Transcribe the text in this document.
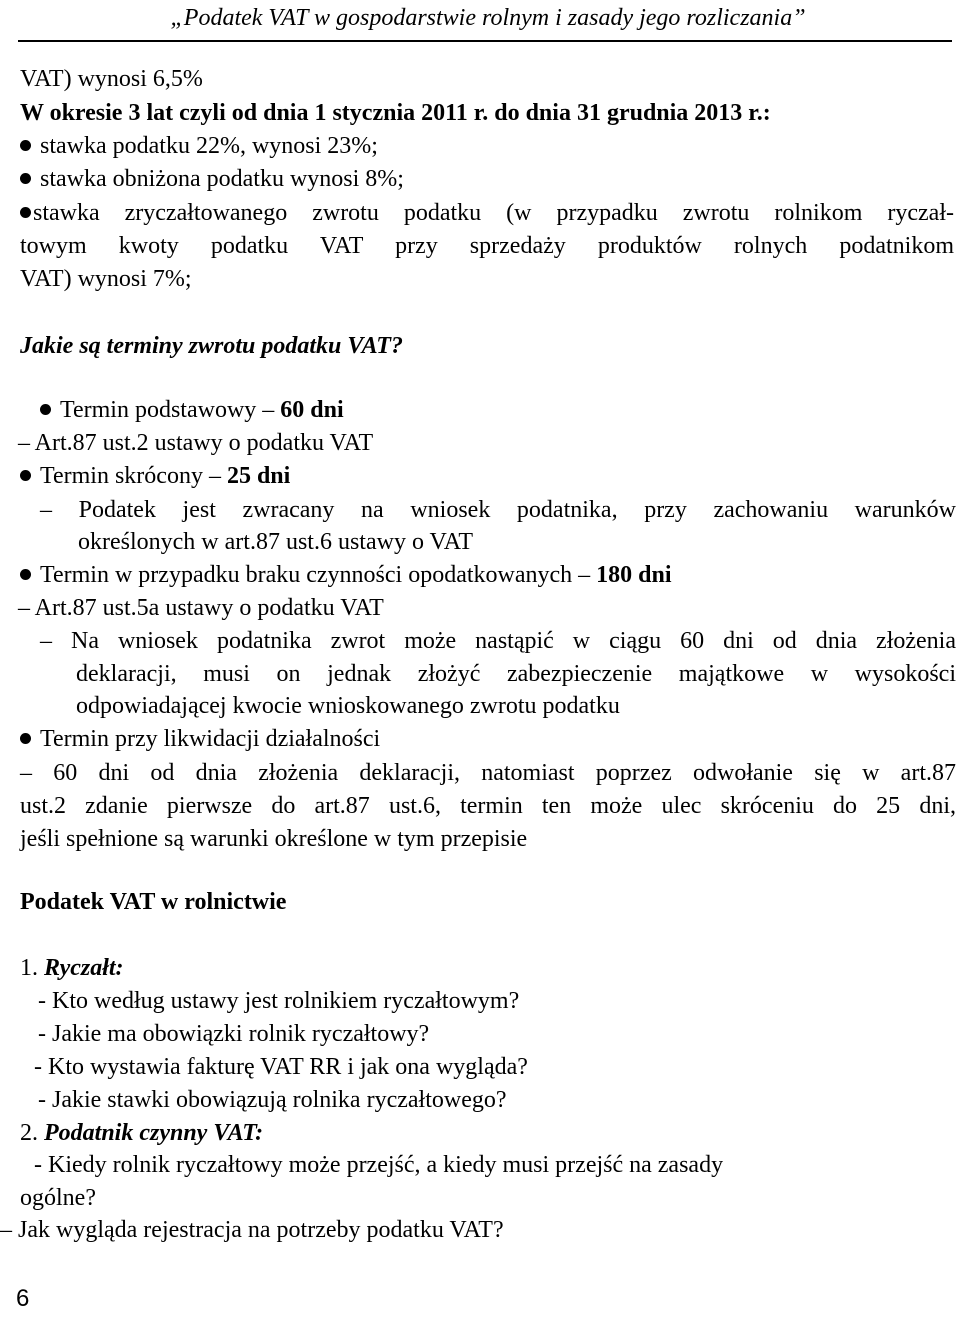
„Podatek VAT w gospodarstwie rolnym i zasady jego rozliczania”
VAT) wynosi 6,5%
W okresie 3 lat czyli od dnia 1 stycznia 2011 r. do dnia 31 grudnia 2013 r.:
stawka podatku 22%, wynosi 23%;
stawka obniżona podatku wynosi 8%;
stawka zryczałtowanego zwrotu podatku (w przypadku zwrotu rolnikom ryczał-
towym kwoty podatku VAT przy sprzedaży produktów rolnych podatnikom
VAT) wynosi 7%;
Jakie są terminy zwrotu podatku VAT?
Termin podstawowy – 60 dni
– Art.87 ust.2 ustawy o podatku VAT
Termin skrócony – 25 dni
– Podatek jest zwracany na wniosek podatnika, przy zachowaniu warunków
określonych w art.87 ust.6 ustawy o VAT
Termin w przypadku braku czynności opodatkowanych – 180 dni
– Art.87 ust.5a ustawy o podatku VAT
– Na wniosek podatnika zwrot może nastąpić w ciągu 60 dni od dnia złożenia
deklaracji, musi on jednak złożyć zabezpieczenie majątkowe w wysokości
odpowiadającej kwocie wnioskowanego zwrotu podatku
Termin przy likwidacji działalności
– 60 dni od dnia złożenia deklaracji, natomiast poprzez odwołanie się w art.87
ust.2 zdanie pierwsze do art.87 ust.6, termin ten może ulec skróceniu do 25 dni,
jeśli spełnione są warunki określone w tym przepisie
Podatek VAT w rolnictwie
1. Ryczałt:
- Kto według ustawy jest rolnikiem ryczałtowym?
- Jakie ma obowiązki rolnik ryczałtowy?
- Kto wystawia fakturę VAT RR i jak ona wygląda?
- Jakie stawki obowiązują rolnika ryczałtowego?
2. Podatnik czynny VAT:
- Kiedy rolnik ryczałtowy może przejść, a kiedy musi przejść na zasady
ogólne?
– Jak wygląda rejestracja na potrzeby podatku VAT?
6
